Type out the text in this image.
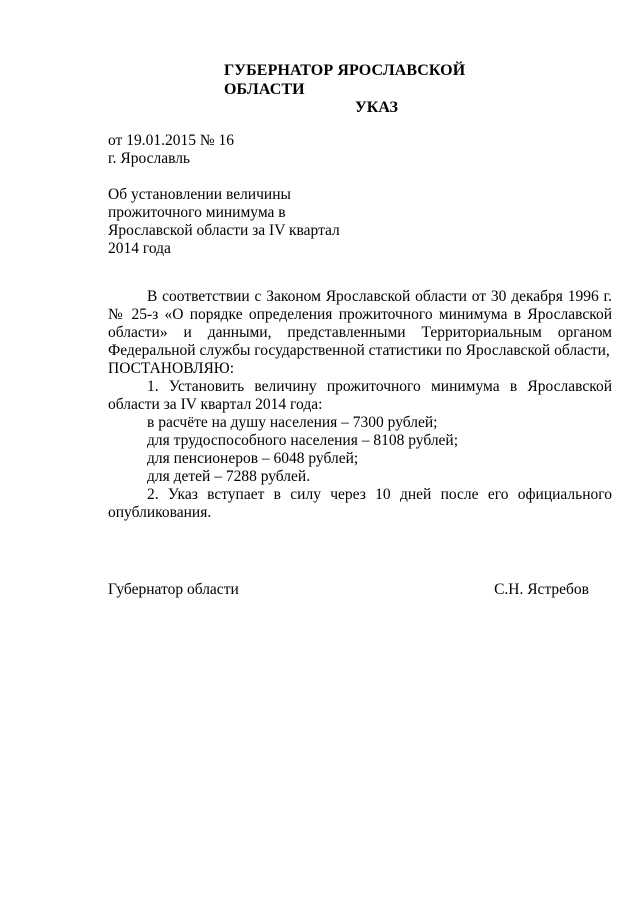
ГУБЕРНАТОР ЯРОСЛАВСКОЙ ОБЛАСТИ
УКАЗ
от 19.01.2015 № 16
г. Ярославль
Об установлении величины
прожиточного минимума в
Ярославской области за IV квартал
2014 года
В соответствии с Законом Ярославской области от 30 декабря 1996 г.
№ 25-з «О порядке определения прожиточного минимума в Ярославской
области» и данными, представленными Территориальным органом
Федеральной службы государственной статистики по Ярославской области,
ПОСТАНОВЛЯЮ:
1. Установить величину прожиточного минимума в Ярославской
области за IV квартал 2014 года:
в расчёте на душу населения – 7300 рублей;
для трудоспособного населения – 8108 рублей;
для пенсионеров – 6048 рублей;
для детей – 7288 рублей.
2. Указ вступает в силу через 10 дней после его официального
опубликования.
Губернатор области	С.Н. Ястребов
